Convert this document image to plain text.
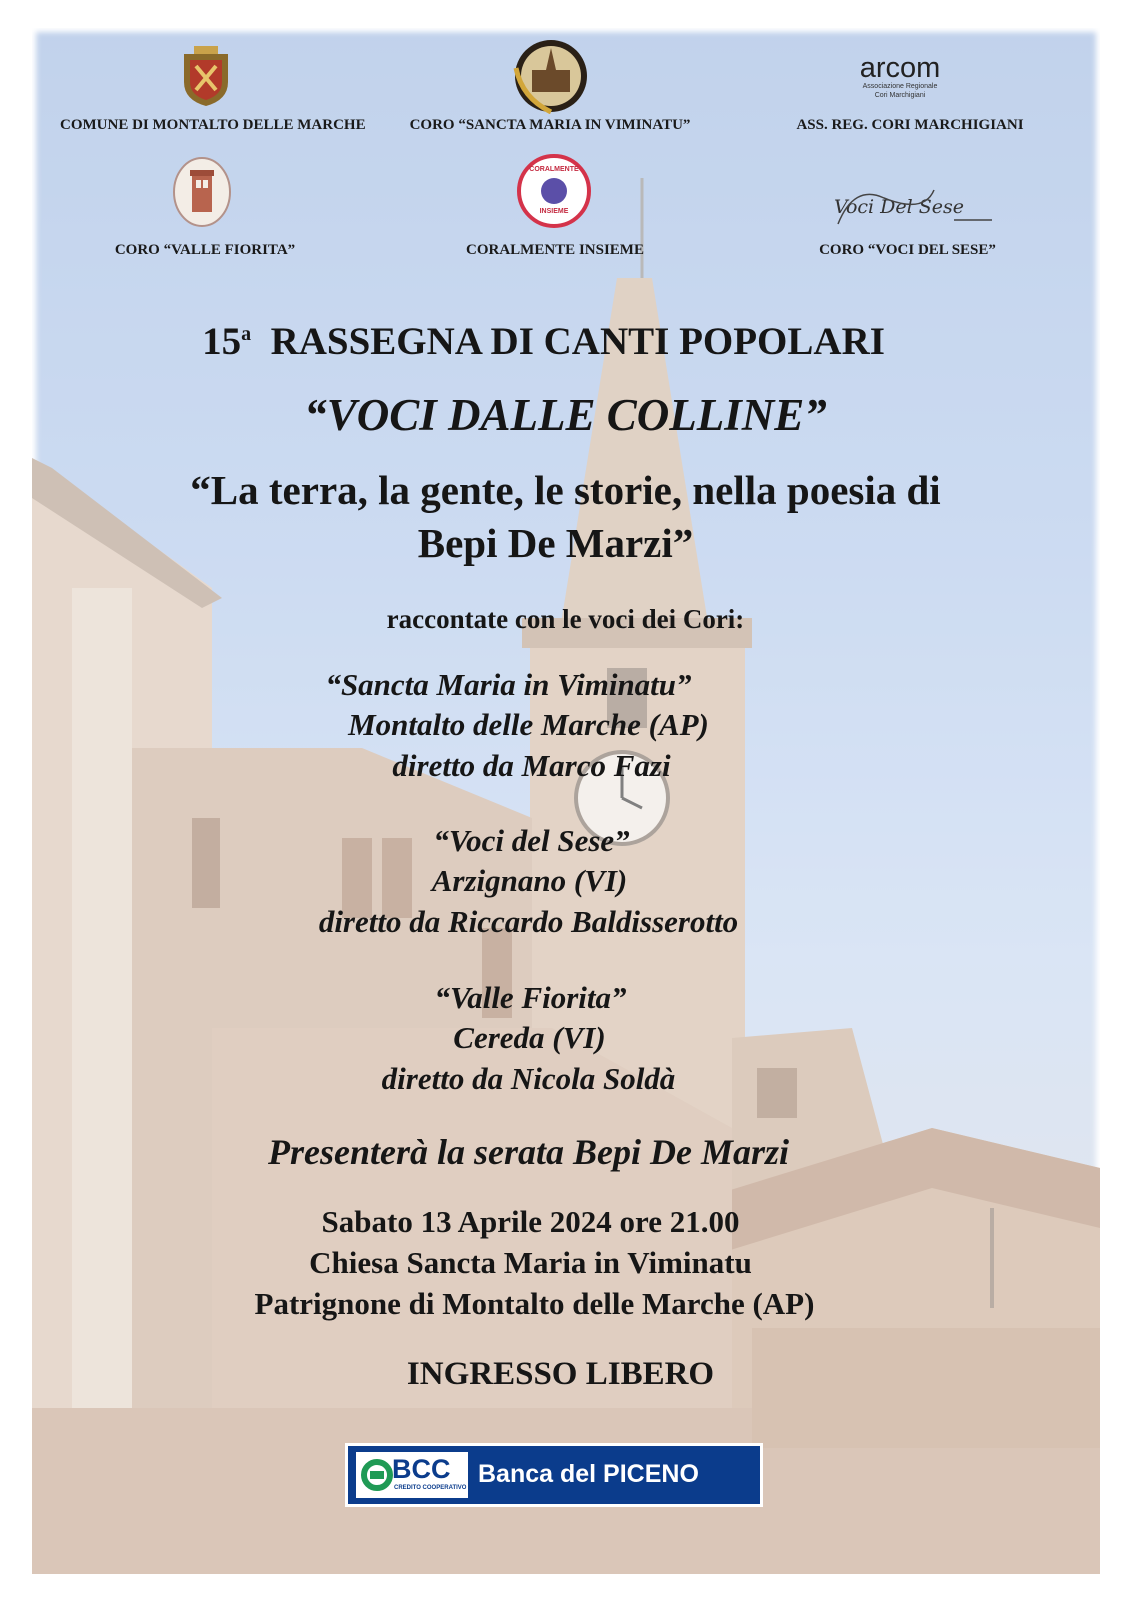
COMUNE DI MONTALTO DELLE MARCHE	CORO “SANCTA MARIA IN VIMINATU”
arcom
Associazione Regionale
Cori Marchigiani
ASS. REG. CORI MARCHIGIANI
CORO “VALLE FIORITA”
CORALMENTE
INSIEME
CORALMENTE INSIEME
Voci Del Sese
CORO “VOCI DEL SESE”
15$^a$ RASSEGNA DI CANTI POPOLARI
“VOCI DALLE COLLINE”
“La terra, la gente, le storie, nella poesia di
Bepi De Marzi”
raccontate con le voci dei Cori:
“Sancta Maria in Viminatu”
Montalto delle Marche (AP)
diretto da Marco Fazi
“Voci del Sese”
Arzignano (VI)
diretto da Riccardo Baldisserotto
“Valle Fiorita”
Cereda (VI)
diretto da Nicola Soldà
Presenterà la serata Bepi De Marzi
Sabato 13 Aprile 2024 ore 21.00
Chiesa Sancta Maria in Viminatu
Patrignone di Montalto delle Marche (AP)
INGRESSO LIBERO
BCC
CREDITO COOPERATIVO Banca del PICENO
